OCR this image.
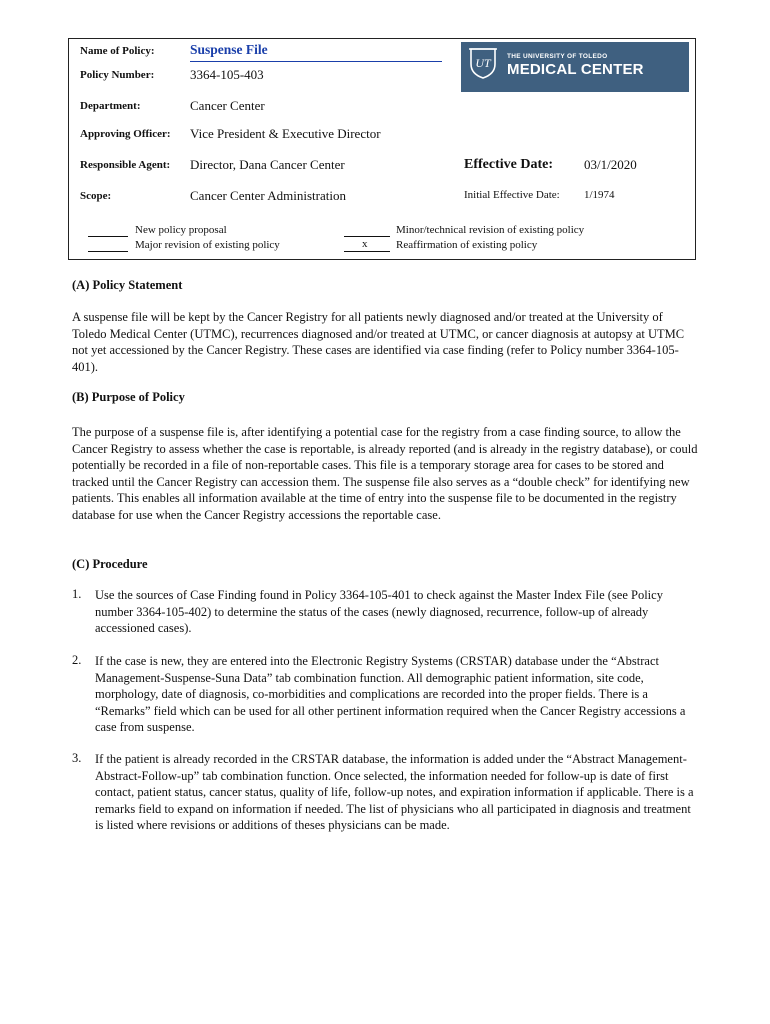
Name of Policy:	Suspense File
Policy Number:	3364-105-403
Department:	Cancer Center
Approving Officer: Vice President & Executive Director
Responsible Agent: Director, Dana Cancer Center
Scope:	Cancer Center Administration
UT	THE UNIVERSITY OF TOLEDO
MEDICAL CENTER
Effective Date: 03/1/2020
Initial Effective Date: 1/1974
New policy proposal
Major revision of existing policy
Minor/technical revision of existing policy
x	Reaffirmation of existing policy
(A) Policy Statement
A suspense file will be kept by the Cancer Registry for all patients newly diagnosed and/or treated at the University of Toledo Medical Center (UTMC), recurrences diagnosed and/or treated at UTMC, or cancer diagnosis at autopsy at UTMC not yet accessioned by the Cancer Registry. These cases are identified via case finding (refer to Policy number 3364-105-401).
(B) Purpose of Policy
The purpose of a suspense file is, after identifying a potential case for the registry from a case finding source, to allow the Cancer Registry to assess whether the case is reportable, is already reported (and is already in the registry database), or could potentially be recorded in a file of non-reportable cases. This file is a temporary storage area for cases to be stored and tracked until the Cancer Registry can accession them. The suspense file also serves as a “double check” for identifying new patients. This enables all information available at the time of entry into the suspense file to be documented in the registry database for use when the Cancer Registry accessions the reportable case.
(C) Procedure
1. Use the sources of Case Finding found in Policy 3364-105-401 to check against the Master Index File (see Policy number 3364-105-402) to determine the status of the cases (newly diagnosed, recurrence, follow-up of already accessioned cases).
2. If the case is new, they are entered into the Electronic Registry Systems (CRSTAR) database under the “Abstract Management-Suspense-Suna Data” tab combination function. All demographic patient information, site code, morphology, date of diagnosis, co-morbidities and complications are recorded into the proper fields. There is a “Remarks” field which can be used for all other pertinent information required when the Cancer Registry accessions a case from suspense.
3. If the patient is already recorded in the CRSTAR database, the information is added under the “Abstract Management-Abstract-Follow-up” tab combination function. Once selected, the information needed for follow-up is date of first contact, patient status, cancer status, quality of life, follow-up notes, and expiration information if applicable. There is a remarks field to expand on information if needed. The list of physicians who all participated in diagnosis and treatment is listed where revisions or additions of theses physicians can be made.
